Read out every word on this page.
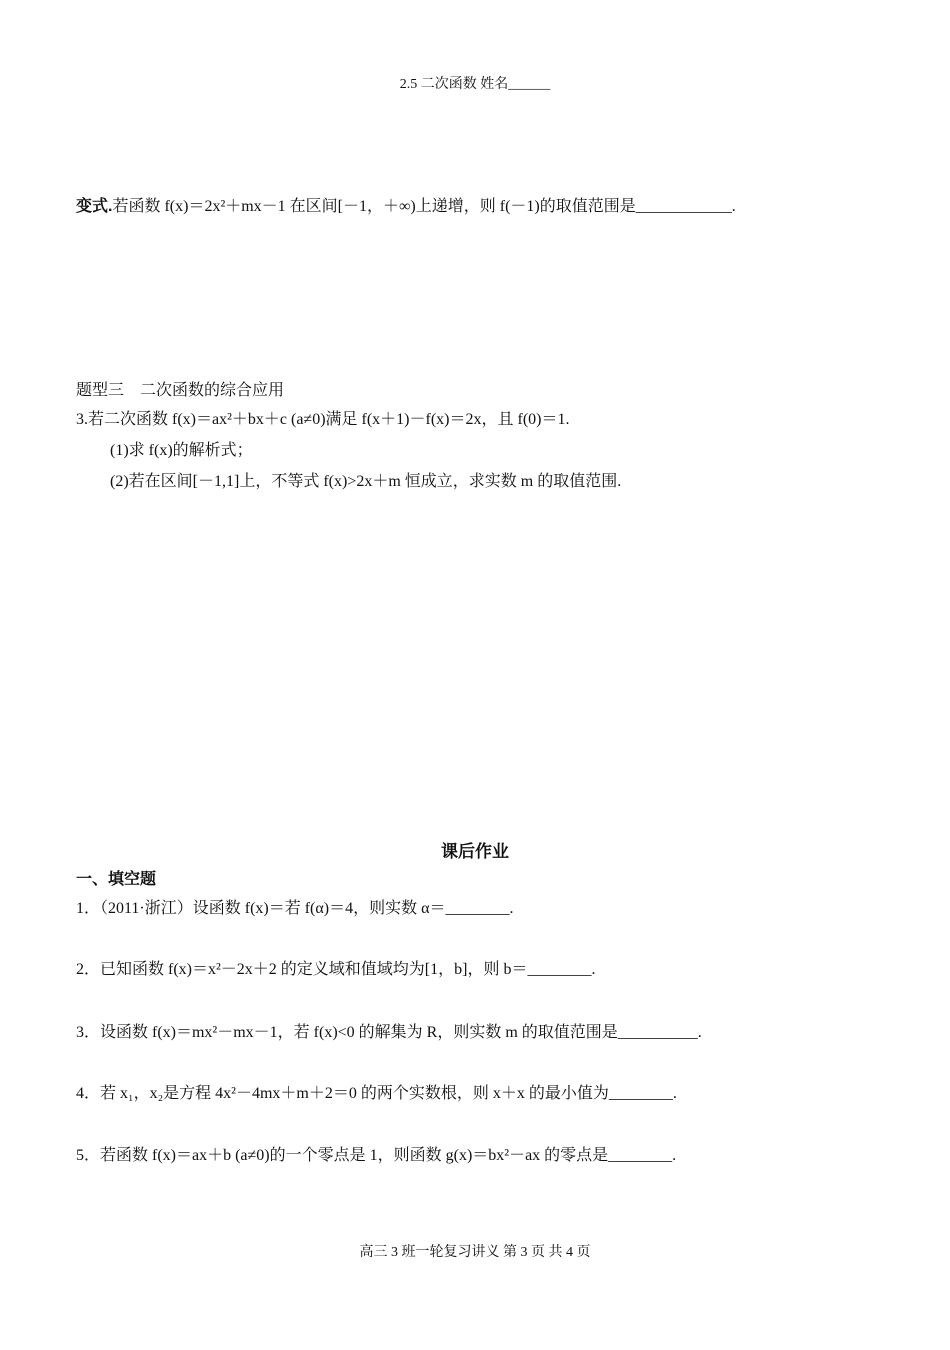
2.5 二次函数 姓名______
变式.若函数 f(x)＝2x²＋mx－1 在区间[－1，＋∞)上递增，则 f(－1)的取值范围是____________.
题型三　二次函数的综合应用
3.若二次函数 f(x)＝ax²＋bx＋c (a≠0)满足 f(x＋1)－f(x)＝2x，且 f(0)＝1.
(1)求 f(x)的解析式；
(2)若在区间[－1,1]上，不等式 f(x)>2x＋m 恒成立，求实数 m 的取值范围.
课后作业
一、填空题
1．（2011·浙江）设函数 f(x)＝若 f(α)＝4，则实数 α＝________.
2．已知函数 f(x)＝x²－2x＋2 的定义域和值域均为[1，b]，则 b＝________.
3．设函数 f(x)＝mx²－mx－1，若 f(x)<0 的解集为 R，则实数 m 的取值范围是__________.
4．若 x₁，x₂是方程 4x²－4mx＋m＋2＝0 的两个实数根，则 x＋x 的最小值为________.
5．若函数 f(x)＝ax＋b (a≠0)的一个零点是 1，则函数 g(x)＝bx²－ax 的零点是________.
高三 3 班一轮复习讲义 第 3 页 共 4 页
